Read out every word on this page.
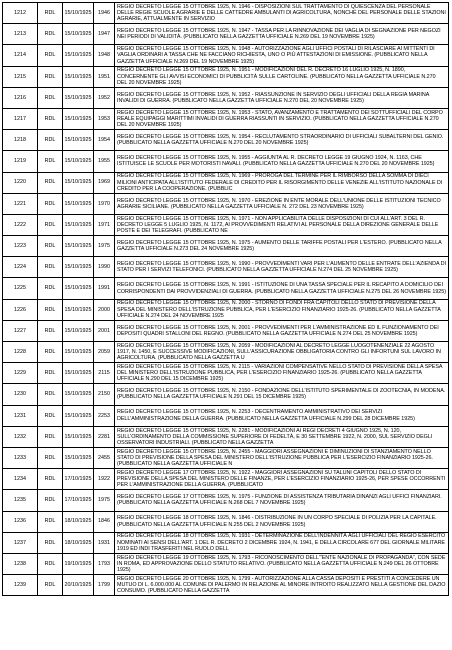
1212	RDL	15/10/1925	1946	REGIO DECRETO LEGGE 15 OTTOBRE 1925, N. 1946 - DISPOSIZIONI SUL TRATTAMENTO DI QUIESCENZA DEL PERSONALE DELLE REGIE SCUOLE AGRARIE E DELLE CATTEDRE AMBULANTI DI AGRICOLTURA, NONCHÉ DEL PERSONALE DELLE STAZIONI AGRARIE, ATTUALMENTE IN SERVIZIO

1213	RDL	15/10/1925	1947	REGIO DECRETO LEGGE 15 OTTOBRE 1925, N. 1947 - TASSA PER LA RINNOVAZIONE DEI VAGLIA DI SEGNAZIONE PER NEGOZI NEI PERIODI DI VALIDITÀ. (PUBBLICATO NELLA GAZZETTA UFFICIALE N.269 DEL 19 NOVEMBRE 1925)

1214	RDL	15/10/1925	1948	REGIO DECRETO LEGGE 15 OTTOBRE 1925, N. 1948 - AUTORIZZAZIONE AGLI UFFICI POSTALI DI RILASCIARE AI MITTENTI DI VAGLIA ORDINARI A TASSA CHE NE FACCIANO RICHIESTA, UNO O PIÙ ATTESTAZIONI DI EMISSIONE. (PUBBLICATO NELLA GAZZETTA UFFICIALE N.269 DEL 19 NOVEMBRE 1925)

1215	RDL	15/10/1925	1951	REGIO DECRETO LEGGE 15 OTTOBRE 1925, N. 1951 - MODIFICAZIONI DEL R. DECRETO 16 LUGLIO 1925, N. 1890, CONCERNENTE GLI AVVISI ECONOMICI DI PUBBLICITÀ SULLE CARTOLINE. (PUBBLICATO NELLA GAZZETTA UFFICIALE N.270 DEL 20 NOVEMBRE 1925)

1216	RDL	15/10/1925	1952	REGIO DECRETO LEGGE 15 OTTOBRE 1925, N. 1952 - RIASSUNZIONE IN SERVIZIO DEGLI UFFICIALI DELLA REGIA MARINA INVALIDI DI GUERRA. (PUBBLICATO NELLA GAZZETTA UFFICIALE N.270 DEL 20 NOVEMBRE 1925)

1217	RDL	15/10/1925	1953	REGIO DECRETO LEGGE 15 OTTOBRE 1925, N. 1953 - STATO, AVANZAMENTO E TRATTAMENTO DEI SOTTUFFICIALI DEL CORPO REALE EQUIPAGGI MARITTIMI INVALIDI DI GUERRA RIASSUNTI IN SERVIZIO. (PUBBLICATO NELLA GAZZETTA UFFICIALE N.270 DEL 20 NOVEMBRE 1925)

1218	RDL	15/10/1925	1954	REGIO DECRETO LEGGE 15 OTTOBRE 1925, N. 1954 - RECLUTAMENTO STRAORDINARIO DI UFFICIALI SUBALTERNI DEL GENIO. (PUBBLICATO NELLA GAZZETTA UFFICIALE N.270 DEL 20 NOVEMBRE 1925)

1219	RDL	15/10/1925	1955	REGIO DECRETO LEGGE 15 OTTOBRE 1925, N. 1955 - AGGIUNTA AL R. DECRETO LEGGE 19 GIUGNO 1924, N. 1163, CHE ISTITUISCE LE SCUOLE PER MOTORISTI NAVALI. (PUBBLICATO NELLA GAZZETTA UFFICIALE N.270 DEL 20 NOVEMBRE 1925)

1220	RDL	15/10/1925	1969	REGIO DECRETO LEGGE 15 OTTOBRE 1925, N. 1969 - PROROGA DEL TERMINE PER IL RIMBORSO DELLA SOMMA DI DIECI MILIONI ANTICIPATA ALL'ISTITUTO FEDERALE DI CREDITO PER IL RISORGIMENTO DELLE VENEZIE ALL'ISTITUTO NAZIONALE DI CREDITO PER LA COOPERAZIONE. (PUBBLIC

1221	RDL	15/10/1925	1970	REGIO DECRETO LEGGE 15 OTTOBRE 1925, N. 1970 - EREZIONE IN ENTE MORALE DELL'UNIONE DELLE ISTITUZIONI TECNICO AGRARIE SICILIANE. (PUBBLICATO NELLA GAZZETTA UFFICIALE N. 272 DEL 23 NOVEMBRE 1925)

1222	RDL	15/10/1925	1971	REGIO DECRETO LEGGE 15 OTTOBRE 1925, N. 1971 - NON APPLICABILITÀ DELLE DISPOSIZIONI DI CUI ALL'ART. 3 DEL R. DECRETO LEGGE 5 LUGLIO 1925, N. 1172, AI PROVVEDIMENTI RELATIVI AL PERSONALE DELLA DIREZIONE GENERALE DELLE POSTE E DEI TELEGRAFI. (PUBBLICATO NE

1223	RDL	15/10/1925	1975	REGIO DECRETO LEGGE 15 OTTOBRE 1925, N. 1975 - AUMENTO DELLE TARIFFE POSTALI PER L'ESTERO. (PUBBLICATO NELLA GAZZETTA UFFICIALE N.273 DEL 24 NOVEMBRE 1925)

1224	RDL	15/10/1925	1990	REGIO DECRETO LEGGE 15 OTTOBRE 1925, N. 1990 - PROVVEDIMENTI VARI PER L'AUMENTO DELLE ENTRATE DELL'AZIENDA DI STATO PER I SERVIZI TELEFONICI. (PUBBLICATO NELLA GAZZETTA UFFICIALE N.274 DEL 25 NOVEMBRE 1925)

1225	RDL	15/10/1925	1991	REGIO DECRETO LEGGE 15 OTTOBRE 1925, N. 1991 - ISTITUZIONE DI UNA TASSA SPECIALE PER IL RECAPITO A DOMICILIO DEI CORRISPONDENTI DAI PROVVIDENZIALI DI GUERRA. (PUBBLICATO NELLA GAZZETTA UFFICIALE N.275 DEL 26 NOVEMBRE 1925)

1226	RDL	15/10/1925	2000	REGIO DECRETO LEGGE 15 OTTOBRE 1925, N. 2000 - STORNO DI FONDI FRA CAPITOLI DELLO STATO DI PREVISIONE DELLA SPESA DEL MINISTERO DELL'ISTRUZIONE PUBBLICA, PER L'ESERCIZIO FINANZIARIO 1925-26. (PUBBLICATO NELLA GAZZETTA UFFICIALE N.274 DEL 24 NOVEMBRE 1925

1227	RDL	15/10/1925	2001	REGIO DECRETO LEGGE 15 OTTOBRE 1925, N. 2001 - PROVVEDIMENTI PER L'AMMINISTRAZIONE ED IL FUNZIONAMENTO DEI DEPOSITI QUADRI STALLONI DEL REGNO. (PUBBLICATO NELLA GAZZETTA UFFICIALE N.274 DEL 25 NOVEMBRE 1925)

1228	RDL	15/10/1925	2059	REGIO DECRETO LEGGE 15 OTTOBRE 1925, N. 2059 - MODIFICAZIONI AL DECRETO LEGGE LUOGOTENENZIALE 22 AGOSTO 1917, N. 1450, E SUCCESSIVE MODIFICAZIONI, SULL'ASSICURAZIONE OBBLIGATORIA CONTRO GLI INFORTUNI SUL LAVORO IN AGRICOLTURA. (PUBBLICATO NELLA GAZZETTA U

1229	RDL	15/10/1925	2115	REGIO DECRETO LEGGE 15 OTTOBRE 1925, N. 2115 - VARIAZIONI COMPENSATIVE NELLO STATO DI PREVISIONE DELLA SPESA DEL MINISTERO DELL'ISTRUZIONE PUBBLICA, PER L'ESERCIZIO FINANZIARIO 1925-26. (PUBBLICATO NELLA GAZZETTA UFFICIALE N.290 DEL 15 DICEMBRE 1925)

1230	RDL	15/10/1925	2150	REGIO DECRETO LEGGE 15 OTTOBRE 1925, N. 2150 - FONDAZIONE DELL'ISTITUTO SPERIMENTALE DI ZOOTECNIA, IN MODENA. (PUBBLICATO NELLA GAZZETTA UFFICIALE N.291 DEL 15 DICEMBRE 1925)

1231	RDL	15/10/1925	2253	REGIO DECRETO LEGGE 15 OTTOBRE 1925, N. 2253 - DECENTRAMENTO AMMINISTRATIVO DEI SERVIZI DELL'AMMINISTRAZIONE DELLA GUERRA. (PUBBLICATO NELLA GAZZETTA UFFICIALE N.299 DEL 28 DICEMBRE 1925)

1232	RDL	15/10/1925	2281	REGIO DECRETO LEGGE 15 OTTOBRE 1925, N. 2281 - MODIFICAZIONI AI REGI DECRETI 4 GIUGNO 1925, N. 120, SULL'ORDINAMENTO DELLA COMMISSIONE SUPERIORE DI FEDELTÀ, E 30 SETTEMBRE 1922, N. 2000, SUL SERVIZIO DEGLI OSSERVATORI INDUSTRIALI. (PUBBLICATO NELLA GAZZETTA

1233	RDL	15/10/1925	2455	REGIO DECRETO LEGGE 15 OTTOBRE 1925, N. 2455 - MAGGIORI ASSEGNAZIONI E DIMINUZIONI DI STANZIAMENTO NELLO STATO DI PREVISIONE DELLA SPESA DEL MINISTERO DELL'ISTRUZIONE PUBBLICA PER L'ESERCIZIO FINANZIARIO 1925-26. (PUBBLICATO NELLA GAZZETTA UFFICIALE N

1234	RDL	17/10/1925	1922	REGIO DECRETO LEGGE 17 OTTOBRE 1925, N. 1922 - MAGGIORI ASSEGNAZIONI SU TALUNI CAPITOLI DELLO STATO DI PREVISIONE DELLA SPESA DEL MINISTERO DELLE FINANZE, PER L'ESERCIZIO FINANZIARIO 1925-26, PER SPESE OCCORRENTI PER L'AMMINISTRAZIONE DELLA GUERRA. (PUBBLICATO

1235	RDL	17/10/1925	1975	REGIO DECRETO LEGGE 17 OTTOBRE 1925, N. 1975 - FUNZIONE DI ASSISTENZA TRIBUTARIA DINANZI AGLI UFFICI FINANZIARI. (PUBBLICATO NELLA GAZZETTA UFFICIALE N.268 DEL 7 NOVEMBRE 1925)

1236	RDL	18/10/1925	1846	REGIO DECRETO LEGGE 18 OTTOBRE 1925, N. 1846 - DISTRIBUZIONE IN UN CORPO SPECIALE DI POLIZIA PER LA CAPITALE. (PUBBLICATO NELLA GAZZETTA UFFICIALE N.255 DEL 2 NOVEMBRE 1925)

1237	RDL	18/10/1925	1931	REGIO DECRETO LEGGE 18 OTTOBRE 1925, N. 1931 - DETERMINAZIONE DELL'INDENNITÀ AGLI UFFICIALI DEL REGIO ESERCITO NOMINATI AI SENSI DELL'ART. 1 DEL R. DECRETO 2 DICEMBRE 1924, N. 1941, E DELLA CIRCOLARE 677 DEL GIORNALE MILITARE 1919 ED INDI TRASFERITI NEL RUOLO DELL

1238	RDL	19/10/1925	1793	REGIO DECRETO LEGGE 19 OTTOBRE 1925, N. 1793 - RICONOSCIMENTO DELL'"ENTE NAZIONALE DI PROPAGANDA", CON SEDE IN ROMA, ED APPROVAZIONE DELLO STATUTO RELATIVO. (PUBBLICATO NELLA GAZZETTA UFFICIALE N.249 DEL 26 OTTOBRE 1925)

1239	RDL	20/10/1925	1799	REGIO DECRETO LEGGE 20 OTTOBRE 1925, N. 1799 - AUTORIZZAZIONE ALLA CASSA DEPOSITI E PRESTITI A CONCEDERE UN MUTUO DI L. 6.000.000 AL COMUNE DI PALERMO IN RELAZIONE AL MINORE INTROITO REALIZZATO NELLA GESTIONE DEL DAZIO CONSUMO. (PUBBLICATO NELLA GAZZETTA
